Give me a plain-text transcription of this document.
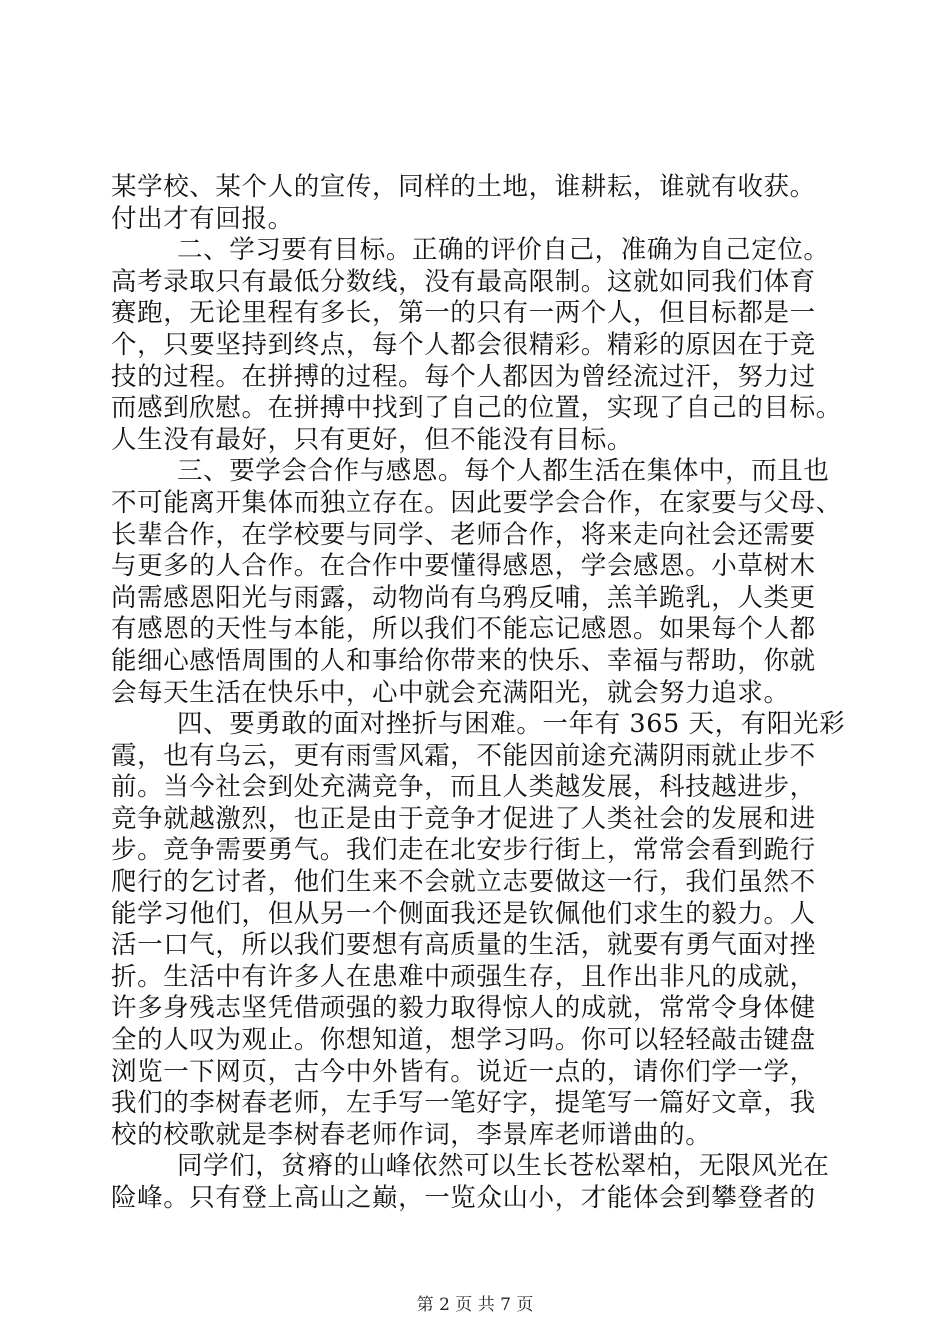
某学校、某个人的宣传，同样的土地，谁耕耘，谁就有收获。
付出才有回报。
二、学习要有目标。正确的评价自己，准确为自己定位。
高考录取只有最低分数线，没有最高限制。这就如同我们体育
赛跑，无论里程有多长，第一的只有一两个人，但目标都是一
个，只要坚持到终点，每个人都会很精彩。精彩的原因在于竞
技的过程。在拼搏的过程。每个人都因为曾经流过汗，努力过
而感到欣慰。在拼搏中找到了自己的位置，实现了自己的目标。
人生没有最好，只有更好，但不能没有目标。
三、要学会合作与感恩。每个人都生活在集体中，而且也
不可能离开集体而独立存在。因此要学会合作，在家要与父母、
长辈合作，在学校要与同学、老师合作，将来走向社会还需要
与更多的人合作。在合作中要懂得感恩，学会感恩。小草树木
尚需感恩阳光与雨露，动物尚有乌鸦反哺，羔羊跪乳，人类更
有感恩的天性与本能，所以我们不能忘记感恩。如果每个人都
能细心感悟周围的人和事给你带来的快乐、幸福与帮助，你就
会每天生活在快乐中，心中就会充满阳光，就会努力追求。
四、要勇敢的面对挫折与困难。一年有 365 天，有阳光彩
霞，也有乌云，更有雨雪风霜，不能因前途充满阴雨就止步不
前。当今社会到处充满竞争，而且人类越发展，科技越进步，
竞争就越激烈，也正是由于竞争才促进了人类社会的发展和进
步。竞争需要勇气。我们走在北安步行街上，常常会看到跪行
爬行的乞讨者，他们生来不会就立志要做这一行，我们虽然不
能学习他们，但从另一个侧面我还是钦佩他们求生的毅力。人
活一口气，所以我们要想有高质量的生活，就要有勇气面对挫
折。生活中有许多人在患难中顽强生存，且作出非凡的成就，
许多身残志坚凭借顽强的毅力取得惊人的成就，常常令身体健
全的人叹为观止。你想知道，想学习吗。你可以轻轻敲击键盘
浏览一下网页，古今中外皆有。说近一点的，请你们学一学，
我们的李树春老师，左手写一笔好字，提笔写一篇好文章，我
校的校歌就是李树春老师作词，李景库老师谱曲的。
同学们，贫瘠的山峰依然可以生长苍松翠柏，无限风光在
险峰。只有登上高山之巅，一览众山小，才能体会到攀登者的
第 2 页 共 7 页
